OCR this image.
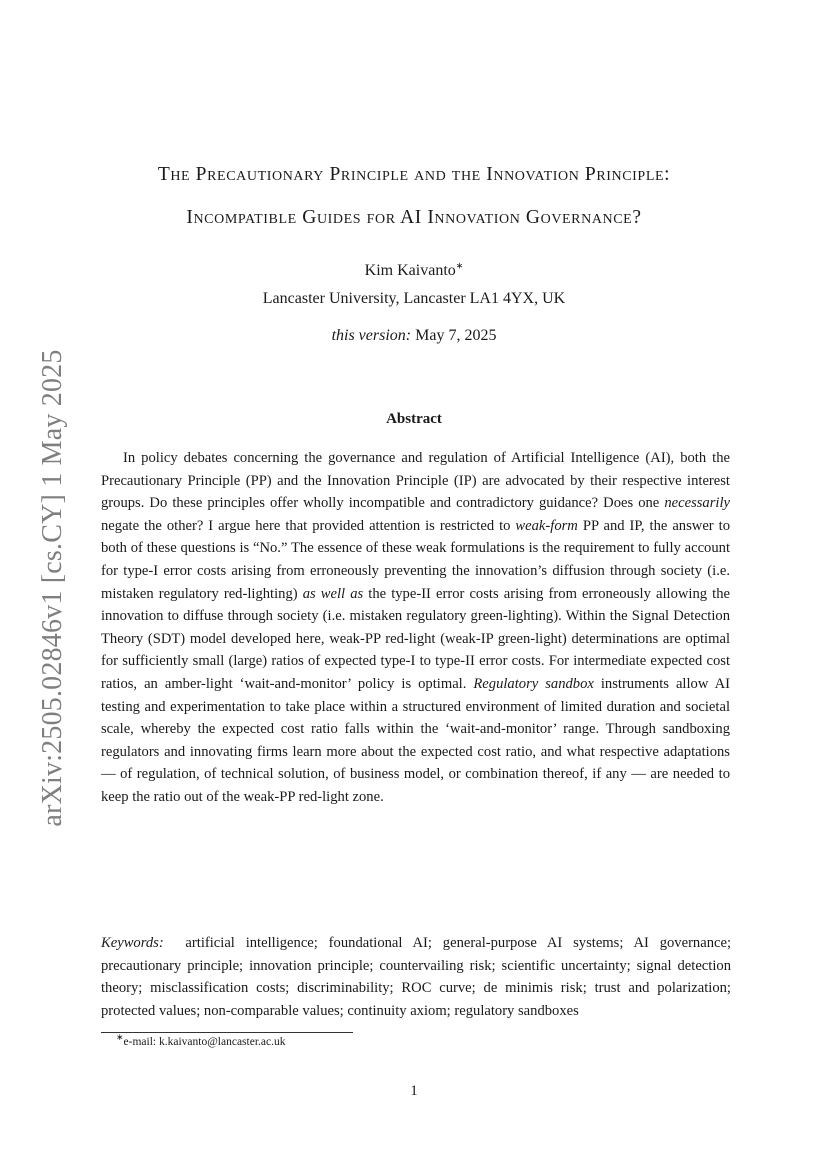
arXiv:2505.02846v1 [cs.CY] 1 May 2025
The Precautionary Principle and the Innovation Principle:
Incompatible Guides for AI Innovation Governance?
Kim Kaivanto∗
Lancaster University, Lancaster LA1 4YX, UK
this version: May 7, 2025
Abstract
In policy debates concerning the governance and regulation of Artificial Intelligence (AI), both the Precautionary Principle (PP) and the Innovation Principle (IP) are advocated by their respective interest groups. Do these principles offer wholly incompatible and contradictory guidance? Does one necessarily negate the other? I argue here that provided attention is restricted to weak-form PP and IP, the answer to both of these questions is “No.” The essence of these weak formulations is the requirement to fully account for type-I error costs arising from erroneously preventing the innovation’s diffusion through society (i.e. mistaken regulatory red-lighting) as well as the type-II error costs arising from erroneously allowing the innovation to diffuse through society (i.e. mistaken regulatory green-lighting). Within the Signal Detection Theory (SDT) model developed here, weak-PP red-light (weak-IP green-light) determinations are optimal for sufficiently small (large) ratios of expected type-I to type-II error costs. For intermediate expected cost ratios, an amber-light ‘wait-and-monitor’ policy is optimal. Regulatory sandbox instruments allow AI testing and experimentation to take place within a structured environment of limited duration and societal scale, whereby the expected cost ratio falls within the ‘wait-and-monitor’ range. Through sandboxing regulators and innovating firms learn more about the expected cost ratio, and what respective adaptations — of regulation, of technical solution, of business model, or combination thereof, if any — are needed to keep the ratio out of the weak-PP red-light zone.
Keywords: artificial intelligence; foundational AI; general-purpose AI systems; AI governance; precautionary principle; innovation principle; countervailing risk; scientific uncertainty; signal detection theory; misclassification costs; discriminability; ROC curve; de minimis risk; trust and polarization; protected values; non-comparable values; continuity axiom; regulatory sandboxes
∗e-mail: k.kaivanto@lancaster.ac.uk
1
